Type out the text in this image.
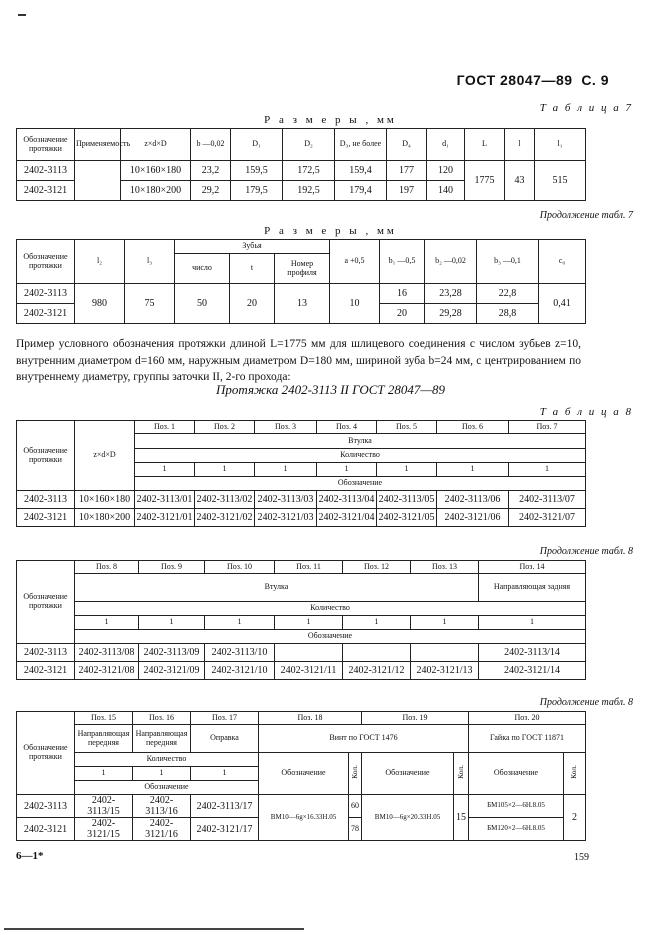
ГОСТ 28047—89 С. 9
Р а з м е р ы , мм
Т а б л и ц а 7
Обозначение протяжки	Применяемость	z×d×D	b —0,02	D₁	D₂	D₃, не более	D₄	d₁	L	l	l₁
2402-3113		10×160×180	23,2	159,5	172,5	159,4	177	120	1775	43	515
2402-3121		10×180×200	29,2	179,5	192,5	179,4	197	140			
Продолжение табл. 7
Р а з м е р ы , мм
Обозначение протяжки	l₂	l₃	Зубья			a +0,5	b₁ —0,5	b₂ —0,02	b₃ —0,1	c₀
			число	t	Номер профиля					
2402-3113	980	75	50	20	13	10	16	23,28	22,8	0,41
2402-3121							20	29,28	28,8	
Пример условного обозначения протяжки длиной L=1775 мм для шлицевого соединения с числом зубьев z=10, внутренним диаметром d=160 мм, наружным диаметром D=180 мм, шириной зуба b=24 мм, с центрированием по внутреннему диаметру, группы заточки II, 2-го прохода:
Протяжка 2402-3113 II ГОСТ 28047—89
Т а б л и ц а 8
Обозначение протяжки	z×d×D	Поз. 1	Поз. 2	Поз. 3	Поз. 4	Поз. 5	Поз. 6	Поз. 7
		Втулка						
		Количество						
		1	1	1	1	1	1	1
		Обозначение						
2402-3113	10×160×180	2402-3113/01	2402-3113/02	2402-3113/03	2402-3113/04	2402-3113/05	2402-3113/06	2402-3113/07
2402-3121	10×180×200	2402-3121/01	2402-3121/02	2402-3121/03	2402-3121/04	2402-3121/05	2402-3121/06	2402-3121/07
Продолжение табл. 8
Обозначение протяжки	Поз. 8	Поз. 9	Поз. 10	Поз. 11	Поз. 12	Поз. 13	Поз. 14
	Втулка						Направляющая задняя
	Количество						
	1	1	1	1	1	1	1
	Обозначение						
2402-3113	2402-3113/08	2402-3113/09	2402-3113/10				2402-3113/14
2402-3121	2402-3121/08	2402-3121/09	2402-3121/10	2402-3121/11	2402-3121/12	2402-3121/13	2402-3121/14
Продолжение табл. 8
Обозначение протяжки	Поз. 15	Поз. 16	Поз. 17	Поз. 18		Поз. 19		Поз. 20	
	Направляющая передняя	Направляющая передняя	Оправка	Винт по ГОСТ 1476				Гайка по ГОСТ 11871	
	Количество			Обозначение	Кол.	Обозначение	Кол.	Обозначение	Кол.
	1	1	1						
	Обозначение								
2402-3113	2402-3113/15	2402-3113/16	2402-3113/17	ВМ10—6g×16.33Н.05	60	ВМ10—6g×20.33Н.05	15	БМ105×2—6Н.8.05	2
2402-3121	2402-3121/15	2402-3121/16	2402-3121/17		78			БМ120×2—6Н.8.05	
6—1*	159
